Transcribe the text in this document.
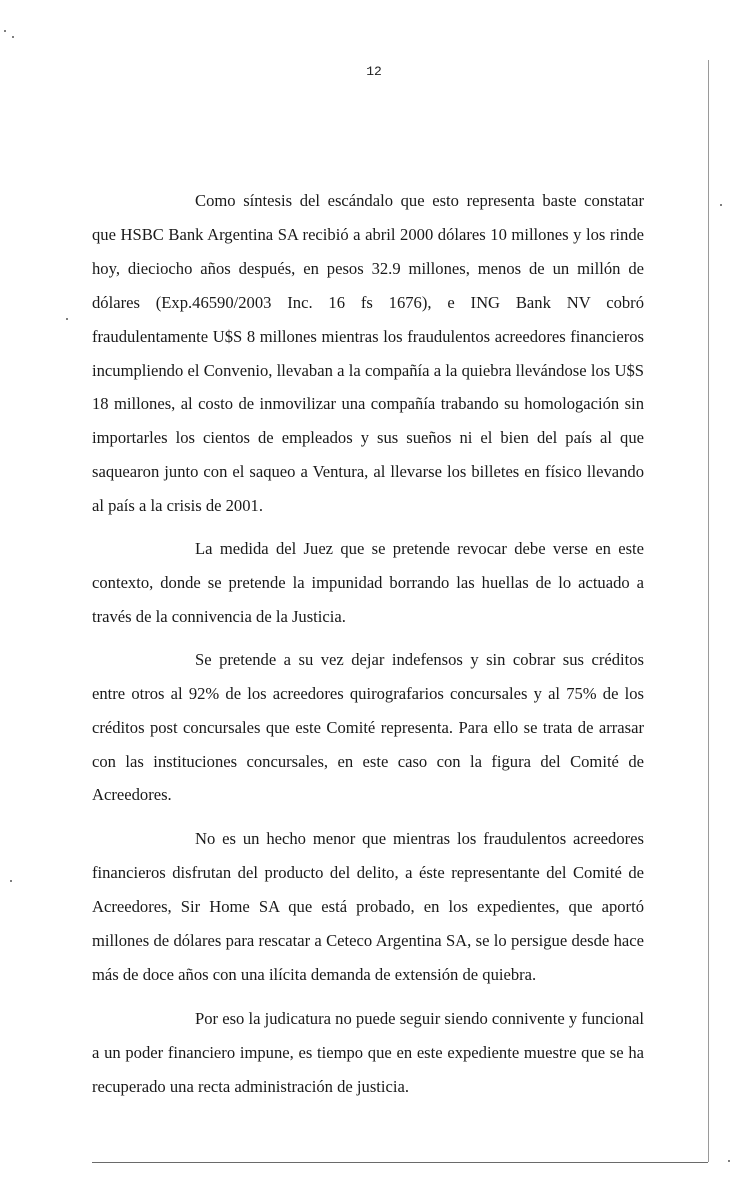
12

Como síntesis del escándalo que esto representa baste constatar que HSBC Bank Argentina SA recibió a abril 2000 dólares 10 millones y los rinde hoy, dieciocho años después, en pesos 32.9 millones, menos de un millón de dólares (Exp.46590/2003 Inc. 16 fs 1676), e ING Bank NV cobró fraudulentamente U$S 8 millones mientras los fraudulentos acreedores financieros incumpliendo el Convenio, llevaban a la compañía a la quiebra llevándose los U$S 18 millones, al costo de inmovilizar una compañía trabando su homologación sin importarles los cientos de empleados y sus sueños ni el bien del país al que saquearon junto con el saqueo a Ventura, al llevarse los billetes en físico llevando al país a la crisis de 2001.

La medida del Juez que se pretende revocar debe verse en este contexto, donde se pretende la impunidad borrando las huellas de lo actuado a través de la connivencia de la Justicia.

Se pretende a su vez dejar indefensos y sin cobrar sus créditos entre otros al 92% de los acreedores quirografarios concursales y al 75% de los créditos post concursales que este Comité representa. Para ello se trata de arrasar con las instituciones concursales, en este caso con la figura del Comité de Acreedores.

No es un hecho menor que mientras los fraudulentos acreedores financieros disfrutan del producto del delito, a éste representante del Comité de Acreedores, Sir Home SA que está probado, en los expedientes, que aportó millones de dólares para rescatar a Ceteco Argentina SA, se lo persigue desde hace más de doce años con una ilícita demanda de extensión de quiebra.

Por eso la judicatura no puede seguir siendo connivente y funcional a un poder financiero impune, es tiempo que en este expediente muestre que se ha recuperado una recta administración de justicia.
